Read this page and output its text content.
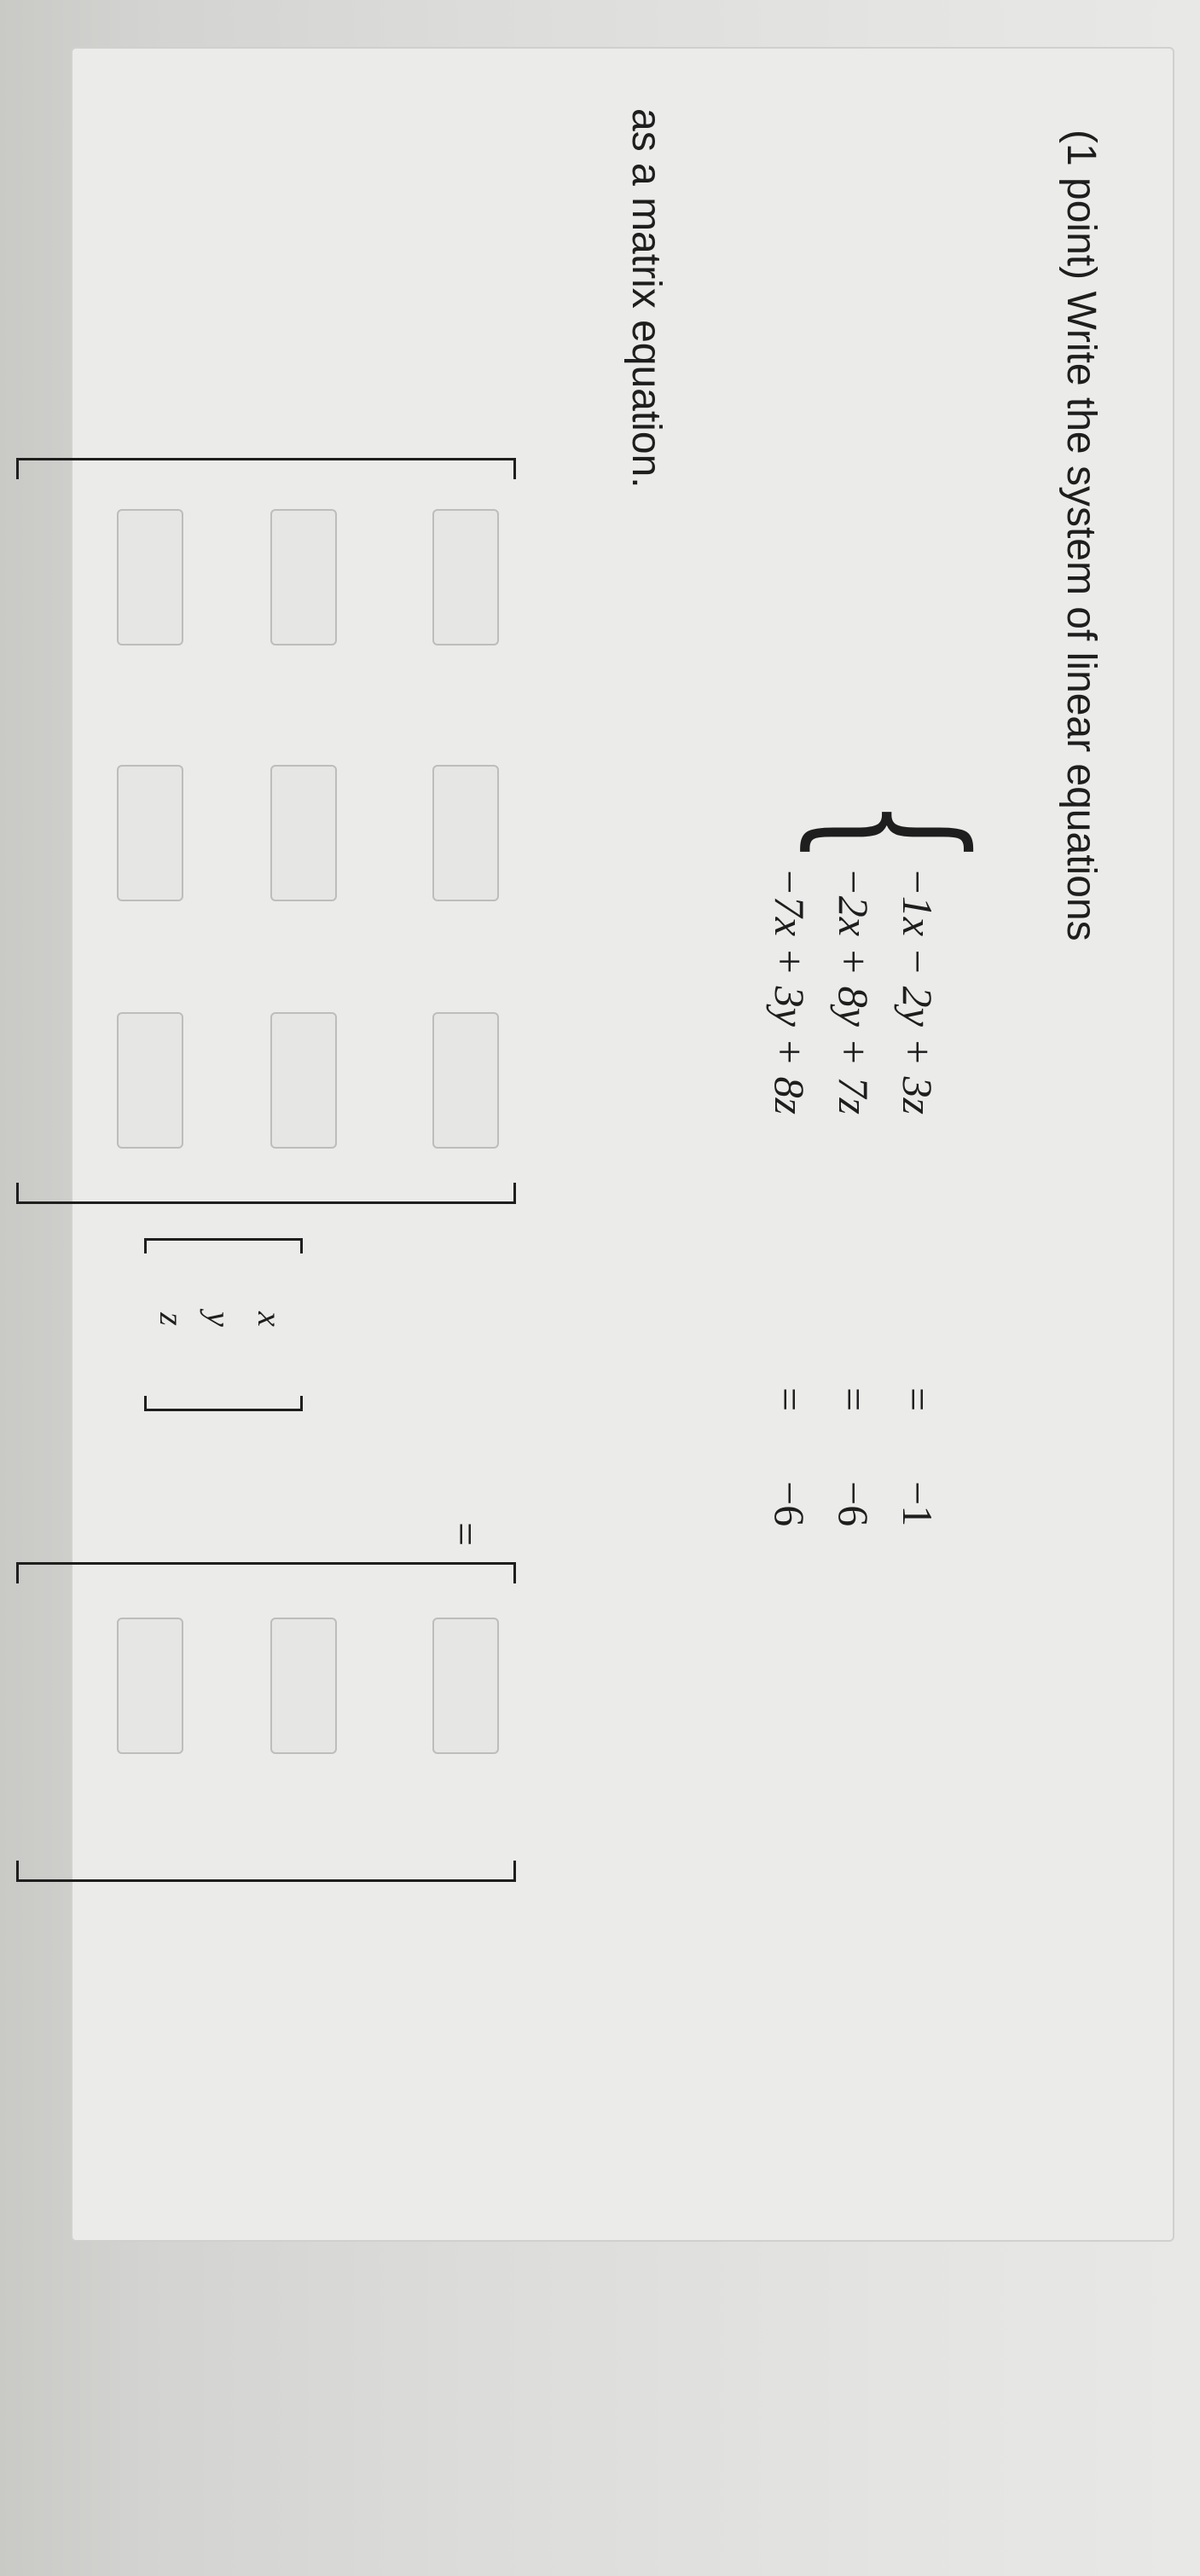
(1 point) Write the system of linear equations
{
−1x − 2y + 3z
=
−1
−2x + 8y + 7z
=
−6
−7x + 3y + 8z
=
−6
as a matrix equation.
x
y
z
=
